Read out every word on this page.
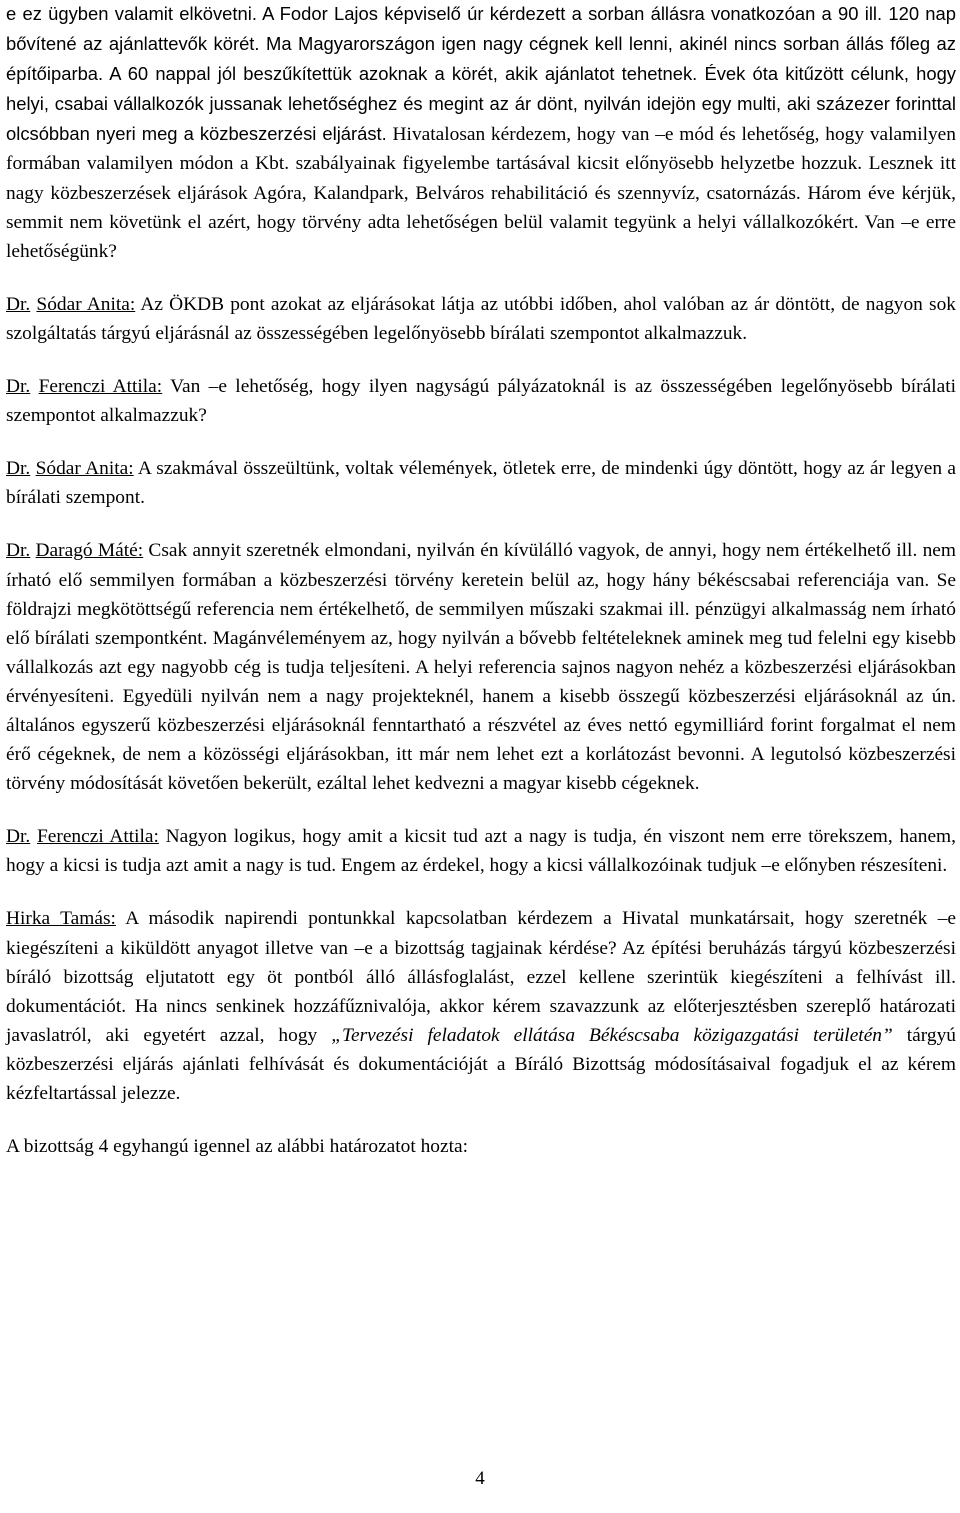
e ez ügyben valamit elkövetni. A Fodor Lajos képviselő úr kérdezett a sorban állásra vonatkozóan a 90 ill. 120 nap bővítené az ajánlattevők körét. Ma Magyarországon igen nagy cégnek kell lenni, akinél nincs sorban állás főleg az építőiparba. A 60 nappal jól beszűkítettük azoknak a körét, akik ajánlatot tehetnek. Évek óta kitűzött célunk, hogy helyi, csabai vállalkozók jussanak lehetőséghez és megint az ár dönt, nyilván idejön egy multi, aki százezer forinttal olcsóbban nyeri meg a közbeszerzési eljárást. Hivatalosan kérdezem, hogy van –e mód és lehetőség, hogy valamilyen formában valamilyen módon a Kbt. szabályainak figyelembe tartásával kicsit előnyösebb helyzetbe hozzuk. Lesznek itt nagy közbeszerzések eljárások Agóra, Kalandpark, Belváros rehabilitáció és szennyvíz, csatornázás. Három éve kérjük, semmit nem követünk el azért, hogy törvény adta lehetőségen belül valamit tegyünk a helyi vállalkozókért. Van –e erre lehetőségünk?

Dr. Sódar Anita: Az ÖKDB pont azokat az eljárásokat látja az utóbbi időben, ahol valóban az ár döntött, de nagyon sok szolgáltatás tárgyú eljárásnál az összességében legelőnyösebb bírálati szempontot alkalmazzuk.

Dr. Ferenczi Attila: Van –e lehetőség, hogy ilyen nagyságú pályázatoknál is az összességében legelőnyösebb bírálati szempontot alkalmazzuk?

Dr. Sódar Anita: A szakmával összeültünk, voltak vélemények, ötletek erre, de mindenki úgy döntött, hogy az ár legyen a bírálati szempont.

Dr. Daragó Máté: Csak annyit szeretnék elmondani, nyilván én kívülálló vagyok, de annyi, hogy nem értékelhető ill. nem írható elő semmilyen formában a közbeszerzési törvény keretein belül az, hogy hány békéscsabai referenciája van. Se földrajzi megkötöttségű referencia nem értékelhető, de semmilyen műszaki szakmai ill. pénzügyi alkalmasság nem írható elő bírálati szempontként. Magánvéleményem az, hogy nyilván a bővebb feltételeknek aminek meg tud felelni egy kisebb vállalkozás azt egy nagyobb cég is tudja teljesíteni. A helyi referencia sajnos nagyon nehéz a közbeszerzési eljárásokban érvényesíteni. Egyedüli nyilván nem a nagy projekteknél, hanem a kisebb összegű közbeszerzési eljárásoknál az ún. általános egyszerű közbeszerzési eljárásoknál fenntartható a részvétel az éves nettó egymilliárd forint forgalmat el nem érő cégeknek, de nem a közösségi eljárásokban, itt már nem lehet ezt a korlátozást bevonni. A legutolsó közbeszerzési törvény módosítását követően bekerült, ezáltal lehet kedvezni a magyar kisebb cégeknek.

Dr. Ferenczi Attila: Nagyon logikus, hogy amit a kicsit tud azt a nagy is tudja, én viszont nem erre törekszem, hanem, hogy a kicsi is tudja azt amit a nagy is tud. Engem az érdekel, hogy a kicsi vállalkozóinak tudjuk –e előnyben részesíteni.

Hirka Tamás: A második napirendi pontunkkal kapcsolatban kérdezem a Hivatal munkatársait, hogy szeretnék –e kiegészíteni a kiküldött anyagot illetve van –e a bizottság tagjainak kérdése? Az építési beruházás tárgyú közbeszerzési bíráló bizottság eljutatott egy öt pontból álló állásfoglalást, ezzel kellene szerintük kiegészíteni a felhívást ill. dokumentációt. Ha nincs senkinek hozzáfűznivalója, akkor kérem szavazzunk az előterjesztésben szereplő határozati javaslatról, aki egyetért azzal, hogy „Tervezési feladatok ellátása Békéscsaba közigazgatási területén” tárgyú közbeszerzési eljárás ajánlati felhívását és dokumentációját a Bíráló Bizottság módosításaival fogadjuk el az kérem kézfeltartással jelezze.

A bizottság 4 egyhangú igennel az alábbi határozatot hozta:

4
